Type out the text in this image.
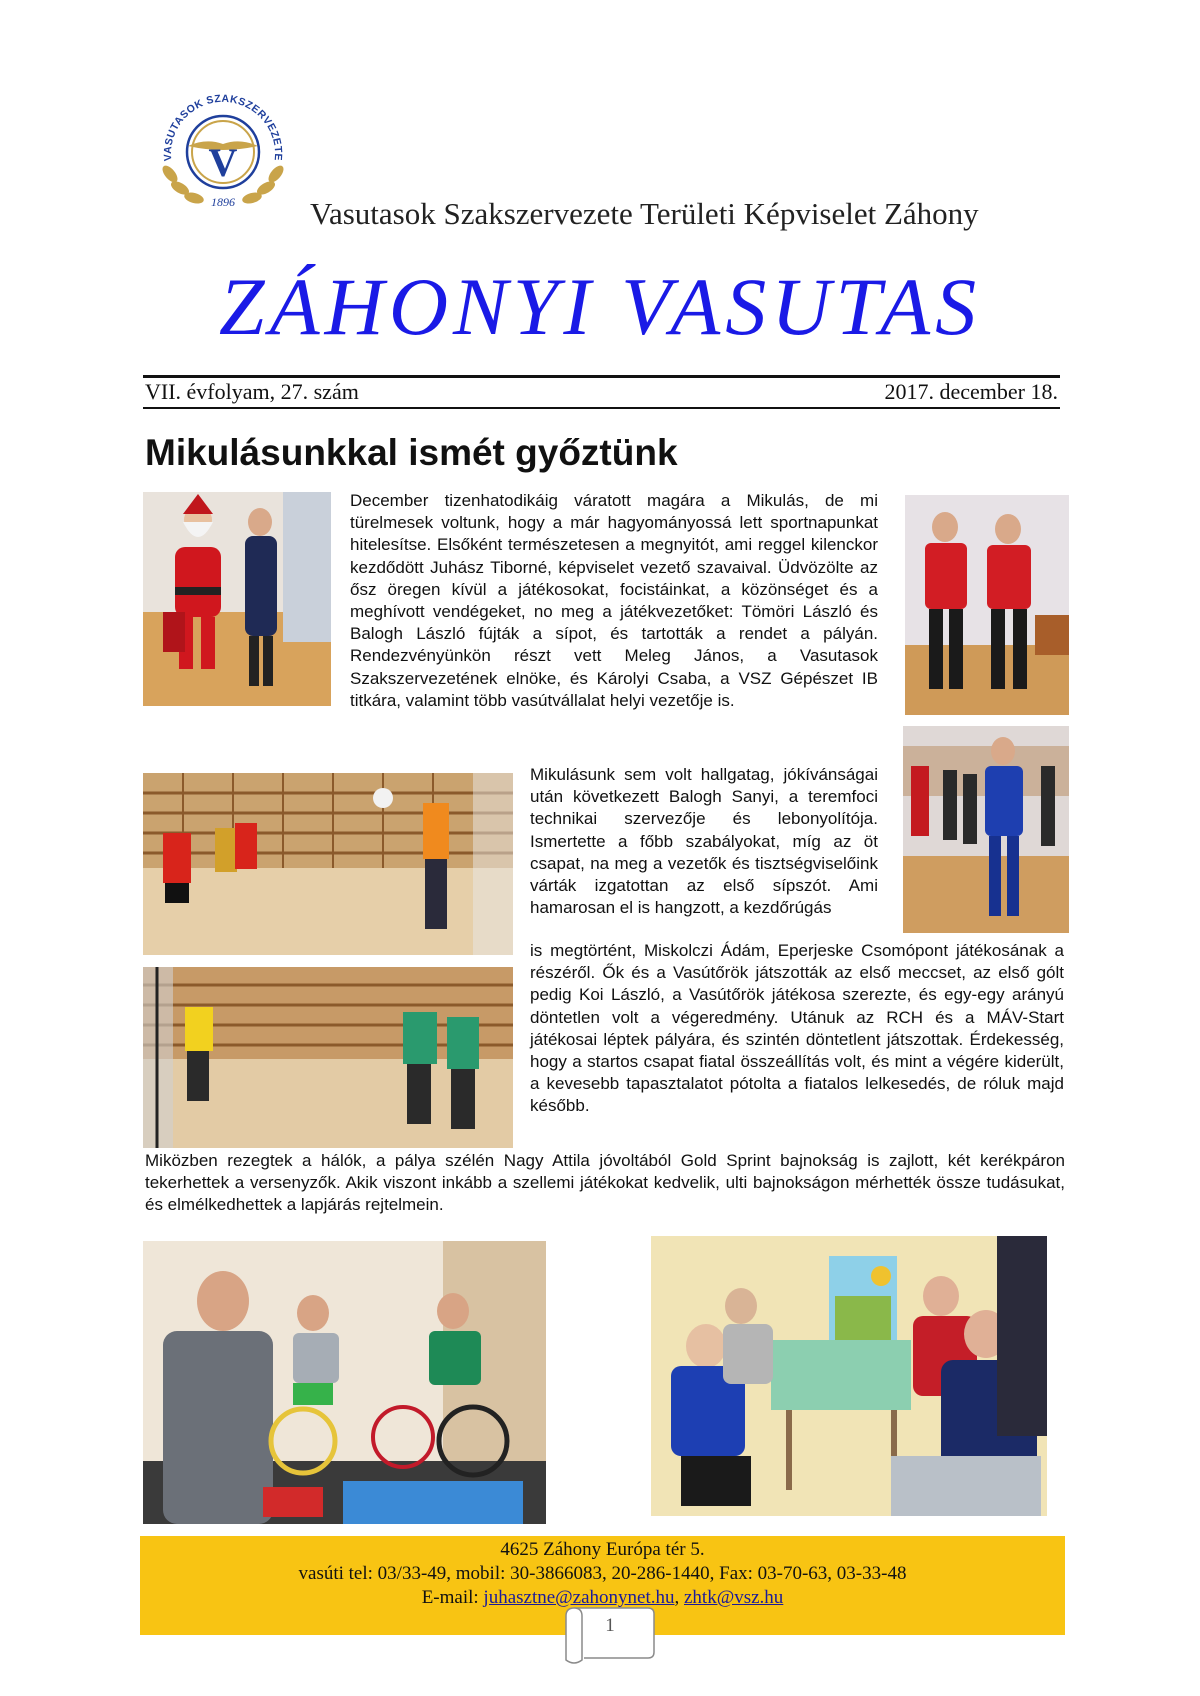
V
VASUTASOK SZAKSZERVEZETE
1896 Vasutasok Szakszervezete Területi Képviselet Záhony
ZÁHONYI VASUTAS
VII. évfolyam, 27. szám	2017. december 18.
Mikulásunkkal ismét győztünk

December tizenhatodikáig váratott magára a Mikulás, de mi türelmesek voltunk, hogy a már hagyományossá lett sportnapunkat hitelesítse. Elsőként természetesen a megnyitót, ami reggel kilenckor kezdődött Juhász Tiborné, képviselet vezető szavaival. Üdvözölte az ősz öregen kívül a játékosokat, focistáinkat, a közönséget és a meghívott vendégeket, no meg a játékvezetőket: Tömöri László és Balogh László fújták a sípot, és tartották a rendet a pályán. Rendezvényünkön részt vett Meleg János, a Vasutasok Szakszervezetének elnöke, és Károlyi Csaba, a VSZ Gépészet IB titkára, valamint több vasútvállalat helyi vezetője is.

Mikulásunk sem volt hallgatag, jókívánságai után következett Balogh Sanyi, a teremfoci technikai szervezője és lebonyolítója. Ismertette a főbb szabályokat, míg az öt csapat, na meg a vezetők és tisztségviselőink várták izgatottan az első sípszót. Ami hamarosan el is hangzott, a kezdőrúgás

is megtörtént, Miskolczi Ádám, Eperjeske Csomópont játékosának a részéről. Ők és a Vasútőrök játszották az első meccset, az első gólt pedig Koi László, a Vasútőrök játékosa szerezte, és egy-egy arányú döntetlen volt a végeredmény. Utánuk az RCH és a MÁV-Start játékosai léptek pályára, és szintén döntetlent játszottak. Érdekesség, hogy a startos csapat fiatal összeállítás volt, és mint a végére kiderült, a kevesebb tapasztalatot pótolta a fiatalos lelkesedés, de róluk majd később.

Miközben rezegtek a hálók, a pálya szélén Nagy Attila jóvoltából Gold Sprint bajnokság is zajlott, két kerékpáron tekerhettek a versenyzők. Akik viszont inkább a szellemi játékokat kedvelik, ulti bajnokságon mérhették össze tudásukat, és elmélkedhettek a lapjárás rejtelmein.

4625 Záhony Európa tér 5.
vasúti tel: 03/33-49, mobil: 30-3866083, 20-286-1440, Fax: 03-70-63, 03-33-48
E-mail: juhasztne@zahonynet.hu, zhtk@vsz.hu
1
